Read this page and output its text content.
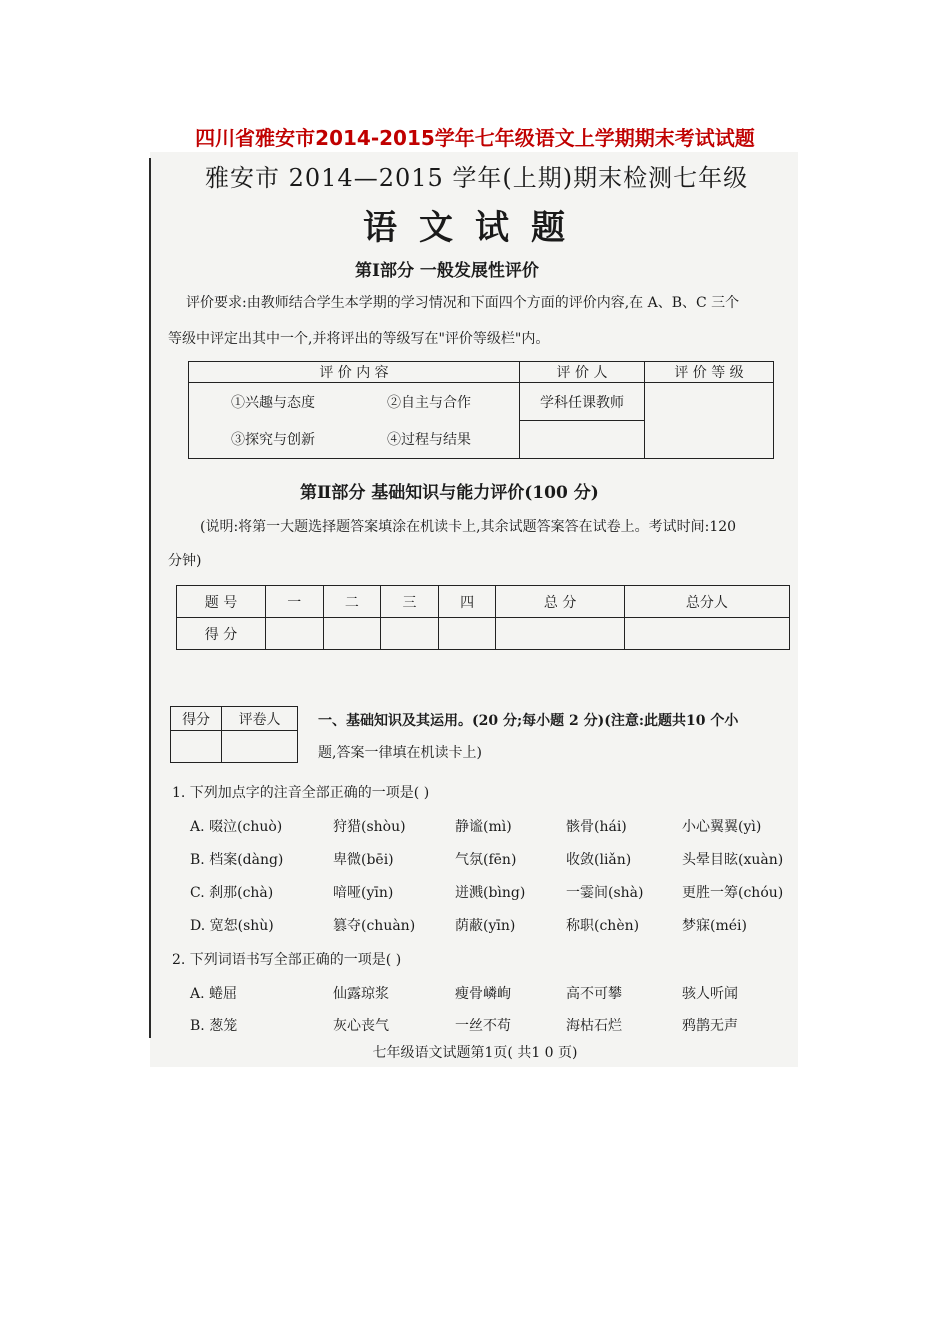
四川省雅安市2014-2015学年七年级语文上学期期末考试试题
雅安市 2014—2015 学年(上期)期末检测七年级
语文试题
第Ⅰ部分 一般发展性评价
评价要求:由教师结合学生本学期的学习情况和下面四个方面的评价内容,在 A、B、C 三个
等级中评定出其中一个,并将评出的等级写在"评价等级栏"内。
评 价 内 容		评 价 人	评 价 等 级
①兴趣与态度	②自主与合作	学科任课教师	
③探究与创新	④过程与结果		
第Ⅱ部分 基础知识与能力评价(100 分)
(说明:将第一大题选择题答案填涂在机读卡上,其余试题答案答在试卷上。考试时间:120
分钟)
题 号	一	二	三	四	总 分	总分人
得 分						
得分	评卷人
		一、基础知识及其运用。(20 分;每小题 2 分)(注意:此题共10 个小
题,答案一律填在机读卡上)
1. 下列加点字的注音全部正确的一项是( )
A. 啜泣(chuò)	狩猎(shòu)	静谧(mì)	骸骨(hái)	小心翼翼(yì)
B. 档案(dàng)	卑微(bēi)	气氛(fēn)	收敛(liǎn)	头晕目眩(xuàn)
C. 刹那(chà)	喑哑(yīn)	迸溅(bìng)	一霎间(shà)	更胜一筹(chóu)
D. 宽恕(shù)	篡夺(chuàn)	荫蔽(yīn)	称职(chèn)	梦寐(méi)
2. 下列词语书写全部正确的一项是( )
A. 蜷屈	仙露琼浆	瘦骨嶙峋	高不可攀	骇人听闻
B. 葱笼	灰心丧气	一丝不苟	海枯石烂	鸦鹊无声
七年级语文试题第1页( 共1 0 页)
